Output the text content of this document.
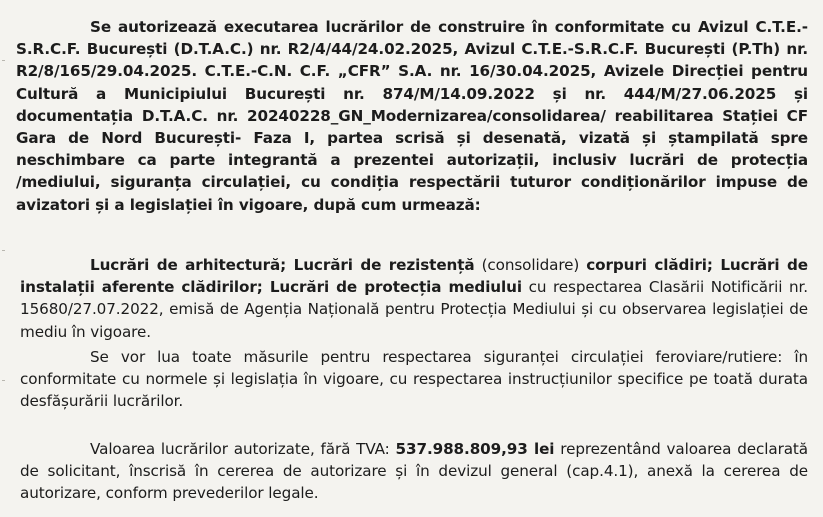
Se autorizează executarea lucrărilor de construire în conformitate cu Avizul C.T.E.-S.R.C.F. București (D.T.A.C.) nr. R2/4/44/24.02.2025, Avizul C.T.E.-S.R.C.F. București (P.Th) nr. R2/8/165/29.04.2025. C.T.E.-C.N. C.F. „CFR” S.A. nr. 16/30.04.2025, Avizele Direcției pentru Cultură a Municipiului București nr. 874/M/14.09.2022 și nr. 444/M/27.06.2025 și documentația D.T.A.C. nr. 20240228_GN_Modernizarea/consolidarea/ reabilitarea Stației CF Gara de Nord București- Faza I, partea scrisă și desenată, vizată și ștampilată spre neschimbare ca parte integrantă a prezentei autorizații, inclusiv lucrări de protecția /mediului, siguranța circulației, cu condiția respectării tuturor condiționărilor impuse de avizatori și a legislației în vigoare, după cum urmează:

Lucrări de arhitectură; Lucrări de rezistență (consolidare) corpuri clădiri; Lucrări de instalații aferente clădirilor; Lucrări de protecția mediului cu respectarea Clasării Notificării nr. 15680/27.07.2022, emisă de Agenția Națională pentru Protecția Mediului și cu observarea legislației de mediu în vigoare.

Se vor lua toate măsurile pentru respectarea siguranței circulației feroviare/rutiere: în conformitate cu normele și legislația în vigoare, cu respectarea instrucțiunilor specifice pe toată durata desfășurării lucrărilor.

Valoarea lucrărilor autorizate, fără TVA: 537.988.809,93 lei reprezentând valoarea declarată de solicitant, înscrisă în cererea de autorizare și în devizul general (cap.4.1), anexă la cererea de autorizare, conform prevederilor legale.
